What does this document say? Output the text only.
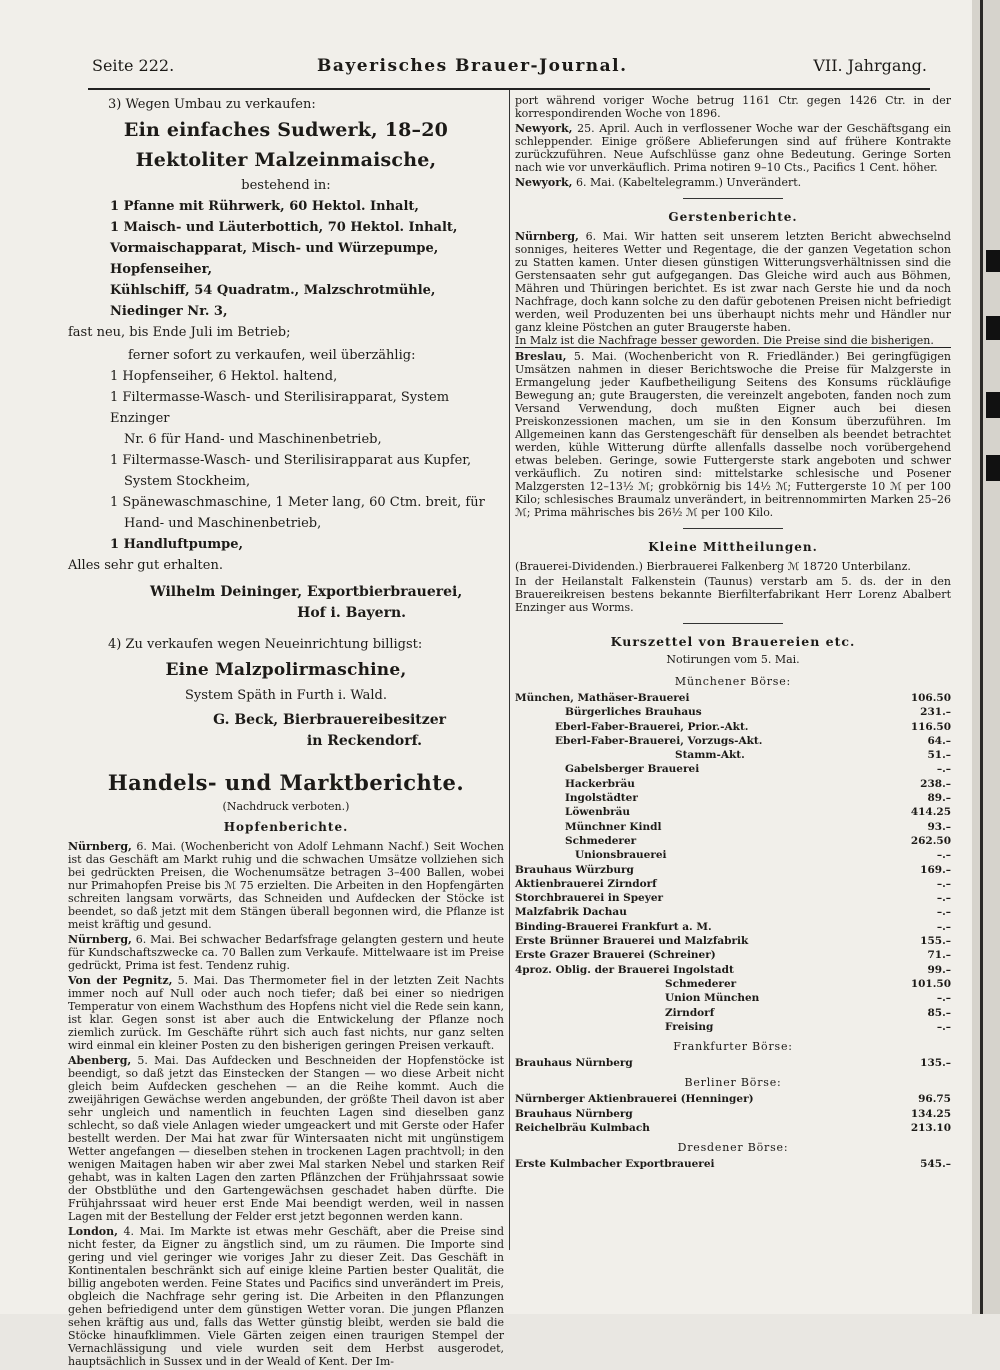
Seite 222.	Bayerisches Brauer-Journal.	VII. Jahrgang.

3) Wegen Umbau zu verkaufen:

Ein einfaches Sudwerk, 18–20 Hektoliter Malzeinmaische,

bestehend in:

1 Pfanne mit Rührwerk, 60 Hektol. Inhalt,

1 Maisch- und Läuterbottich, 70 Hektol. Inhalt,

Vormaischapparat, Misch- und Würzepumpe, Hopfenseiher,

Kühlschiff, 54 Quadratm., Malzschrotmühle, Niedinger Nr. 3,

fast neu, bis Ende Juli im Betrieb;

ferner sofort zu verkaufen, weil überzählig:

1 Hopfenseiher, 6 Hektol. haltend,

1 Filtermasse-Wasch- und Sterilisirapparat, System Enzinger

Nr. 6 für Hand- und Maschinenbetrieb,

1 Filtermasse-Wasch- und Sterilisirapparat aus Kupfer,

System Stockheim,

1 Spänewaschmaschine, 1 Meter lang, 60 Ctm. breit, für

Hand- und Maschinenbetrieb,

1 Handluftpumpe,

Alles sehr gut erhalten.

Wilhelm Deininger, Exportbierbrauerei,

Hof i. Bayern.

4) Zu verkaufen wegen Neueinrichtung billigst:

Eine Malzpolirmaschine,

System Späth in Furth i. Wald.

G. Beck, Bierbrauereibesitzer

in Reckendorf.

Handels- und Marktberichte.

(Nachdruck verboten.)

Hopfenberichte.

Nürnberg, 6. Mai. (Wochenbericht von Adolf Lehmann Nachf.) Seit Wochen ist das Geschäft am Markt ruhig und die schwachen Umsätze vollziehen sich bei gedrückten Preisen, die Wochenumsätze betragen 3–400 Ballen, wobei nur Primahopfen Preise bis ℳ 75 erzielten. Die Arbeiten in den Hopfengärten schreiten langsam vorwärts, das Schneiden und Aufdecken der Stöcke ist beendet, so daß jetzt mit dem Stängen überall begonnen wird, die Pflanze ist meist kräftig und gesund.

Nürnberg, 6. Mai. Bei schwacher Bedarfsfrage gelangten gestern und heute für Kundschaftszwecke ca. 70 Ballen zum Verkaufe. Mittelwaare ist im Preise gedrückt, Prima ist fest. Tendenz ruhig.

Von der Pegnitz, 5. Mai. Das Thermometer fiel in der letzten Zeit Nachts immer noch auf Null oder auch noch tiefer; daß bei einer so niedrigen Temperatur von einem Wachsthum des Hopfens nicht viel die Rede sein kann, ist klar. Gegen sonst ist aber auch die Entwickelung der Pflanze noch ziemlich zurück. Im Geschäfte rührt sich auch fast nichts, nur ganz selten wird einmal ein kleiner Posten zu den bisherigen geringen Preisen verkauft.

Abenberg, 5. Mai. Das Aufdecken und Beschneiden der Hopfenstöcke ist beendigt, so daß jetzt das Einstecken der Stangen — wo diese Arbeit nicht gleich beim Aufdecken geschehen — an die Reihe kommt. Auch die zweijährigen Gewächse werden angebunden, der größte Theil davon ist aber sehr ungleich und namentlich in feuchten Lagen sind dieselben ganz schlecht, so daß viele Anlagen wieder umgeackert und mit Gerste oder Hafer bestellt werden. Der Mai hat zwar für Wintersaaten nicht mit ungünstigem Wetter angefangen — dieselben stehen in trockenen Lagen prachtvoll; in den wenigen Maitagen haben wir aber zwei Mal starken Nebel und starken Reif gehabt, was in kalten Lagen den zarten Pflänzchen der Frühjahrssaat sowie der Obstblüthe und den Gartengewächsen geschadet haben dürfte. Die Frühjahrssaat wird heuer erst Ende Mai beendigt werden, weil in nassen Lagen mit der Bestellung der Felder erst jetzt begonnen werden kann.

London, 4. Mai. Im Markte ist etwas mehr Geschäft, aber die Preise sind nicht fester, da Eigner zu ängstlich sind, um zu räumen. Die Importe sind gering und viel geringer wie voriges Jahr zu dieser Zeit. Das Geschäft in Kontinentalen beschränkt sich auf einige kleine Partien bester Qualität, die billig angeboten werden. Feine States und Pacifics sind unverändert im Preis, obgleich die Nachfrage sehr gering ist. Die Arbeiten in den Pflanzungen gehen befriedigend unter dem günstigen Wetter voran. Die jungen Pflanzen sehen kräftig aus und, falls das Wetter günstig bleibt, werden sie bald die Stöcke hinaufklimmen. Viele Gärten zeigen einen traurigen Stempel der Vernachlässigung und viele wurden seit dem Herbst ausgerodet, hauptsächlich in Sussex und in der Weald of Kent. Der Im-

port während voriger Woche betrug 1161 Ctr. gegen 1426 Ctr. in der korrespondirenden Woche von 1896.

Newyork, 25. April. Auch in verflossener Woche war der Geschäftsgang ein schleppender. Einige größere Ablieferungen sind auf frühere Kontrakte zurückzuführen. Neue Aufschlüsse ganz ohne Bedeutung. Geringe Sorten nach wie vor unverkäuflich. Prima notiren 9–10 Cts., Pacifics 1 Cent. höher.

Newyork, 6. Mai. (Kabeltelegramm.) Unverändert.

Gerstenberichte.

Nürnberg, 6. Mai. Wir hatten seit unserem letzten Bericht abwechselnd sonniges, heiteres Wetter und Regentage, die der ganzen Vegetation schon zu Statten kamen. Unter diesen günstigen Witterungsverhältnissen sind die Gerstensaaten sehr gut aufgegangen. Das Gleiche wird auch aus Böhmen, Mähren und Thüringen berichtet. Es ist zwar nach Gerste hie und da noch Nachfrage, doch kann solche zu den dafür gebotenen Preisen nicht befriedigt werden, weil Produzenten bei uns überhaupt nichts mehr und Händler nur ganz kleine Pöstchen an guter Braugerste haben.

In Malz ist die Nachfrage besser geworden. Die Preise sind die bisherigen.

Breslau, 5. Mai. (Wochenbericht von R. Friedländer.) Bei geringfügigen Umsätzen nahmen in dieser Berichtswoche die Preise für Malzgerste in Ermangelung jeder Kaufbetheiligung Seitens des Konsums rückläufige Bewegung an; gute Braugersten, die vereinzelt angeboten, fanden noch zum Versand Verwendung, doch mußten Eigner auch bei diesen Preiskonzessionen machen, um sie in den Konsum überzuführen. Im Allgemeinen kann das Gerstengeschäft für denselben als beendet betrachtet werden, kühle Witterung dürfte allenfalls dasselbe noch vorübergehend etwas beleben. Geringe, sowie Futtergerste stark angeboten und schwer verkäuflich. Zu notiren sind: mittelstarke schlesische und Posener Malzgersten 12–13½ ℳ; grobkörnig bis 14½ ℳ; Futtergerste 10 ℳ per 100 Kilo; schlesisches Braumalz unverändert, in beitrennommirten Marken 25–26 ℳ; Prima mährisches bis 26½ ℳ per 100 Kilo.

Kleine Mittheilungen.

(Brauerei-Dividenden.) Bierbrauerei Falkenberg ℳ 18720 Unterbilanz.

In der Heilanstalt Falkenstein (Taunus) verstarb am 5. ds. der in den Brauereikreisen bestens bekannte Bierfilterfabrikant Herr Lorenz Abalbert Enzinger aus Worms.

Kurszettel von Brauereien etc.

Notirungen vom 5. Mai.

Münchener Börse:

München, Mathäser-Brauerei	106.50
Bürgerliches Brauhaus	231.–
Eberl-Faber-Brauerei, Prior.-Akt.	116.50
Eberl-Faber-Brauerei, Vorzugs-Akt.	64.–
Stamm-Akt.	51.–
Gabelsberger Brauerei	–.–
Hackerbräu	238.–
Ingolstädter	89.–
Löwenbräu	414.25
Münchner Kindl	93.–
Schmederer	262.50
Unionsbrauerei	–.–
Brauhaus Würzburg	169.–
Aktienbrauerei Zirndorf	–.–
Storchbrauerei in Speyer	–.–
Malzfabrik Dachau	–.–
Binding-Brauerei Frankfurt a. M.	–.–
Erste Brünner Brauerei und Malzfabrik	155.–
Erste Grazer Brauerei (Schreiner)	71.–
4proz. Oblig. der Brauerei Ingolstadt	99.–
Schmederer	101.50
Union München	–.–
Zirndorf	85.–
Freising	–.–

Frankfurter Börse:

Brauhaus Nürnberg	135.–

Berliner Börse:

Nürnberger Aktienbrauerei (Henninger)	96.75
Brauhaus Nürnberg	134.25
Reichelbräu Kulmbach	213.10

Dresdener Börse:

Erste Kulmbacher Exportbrauerei	545.–
